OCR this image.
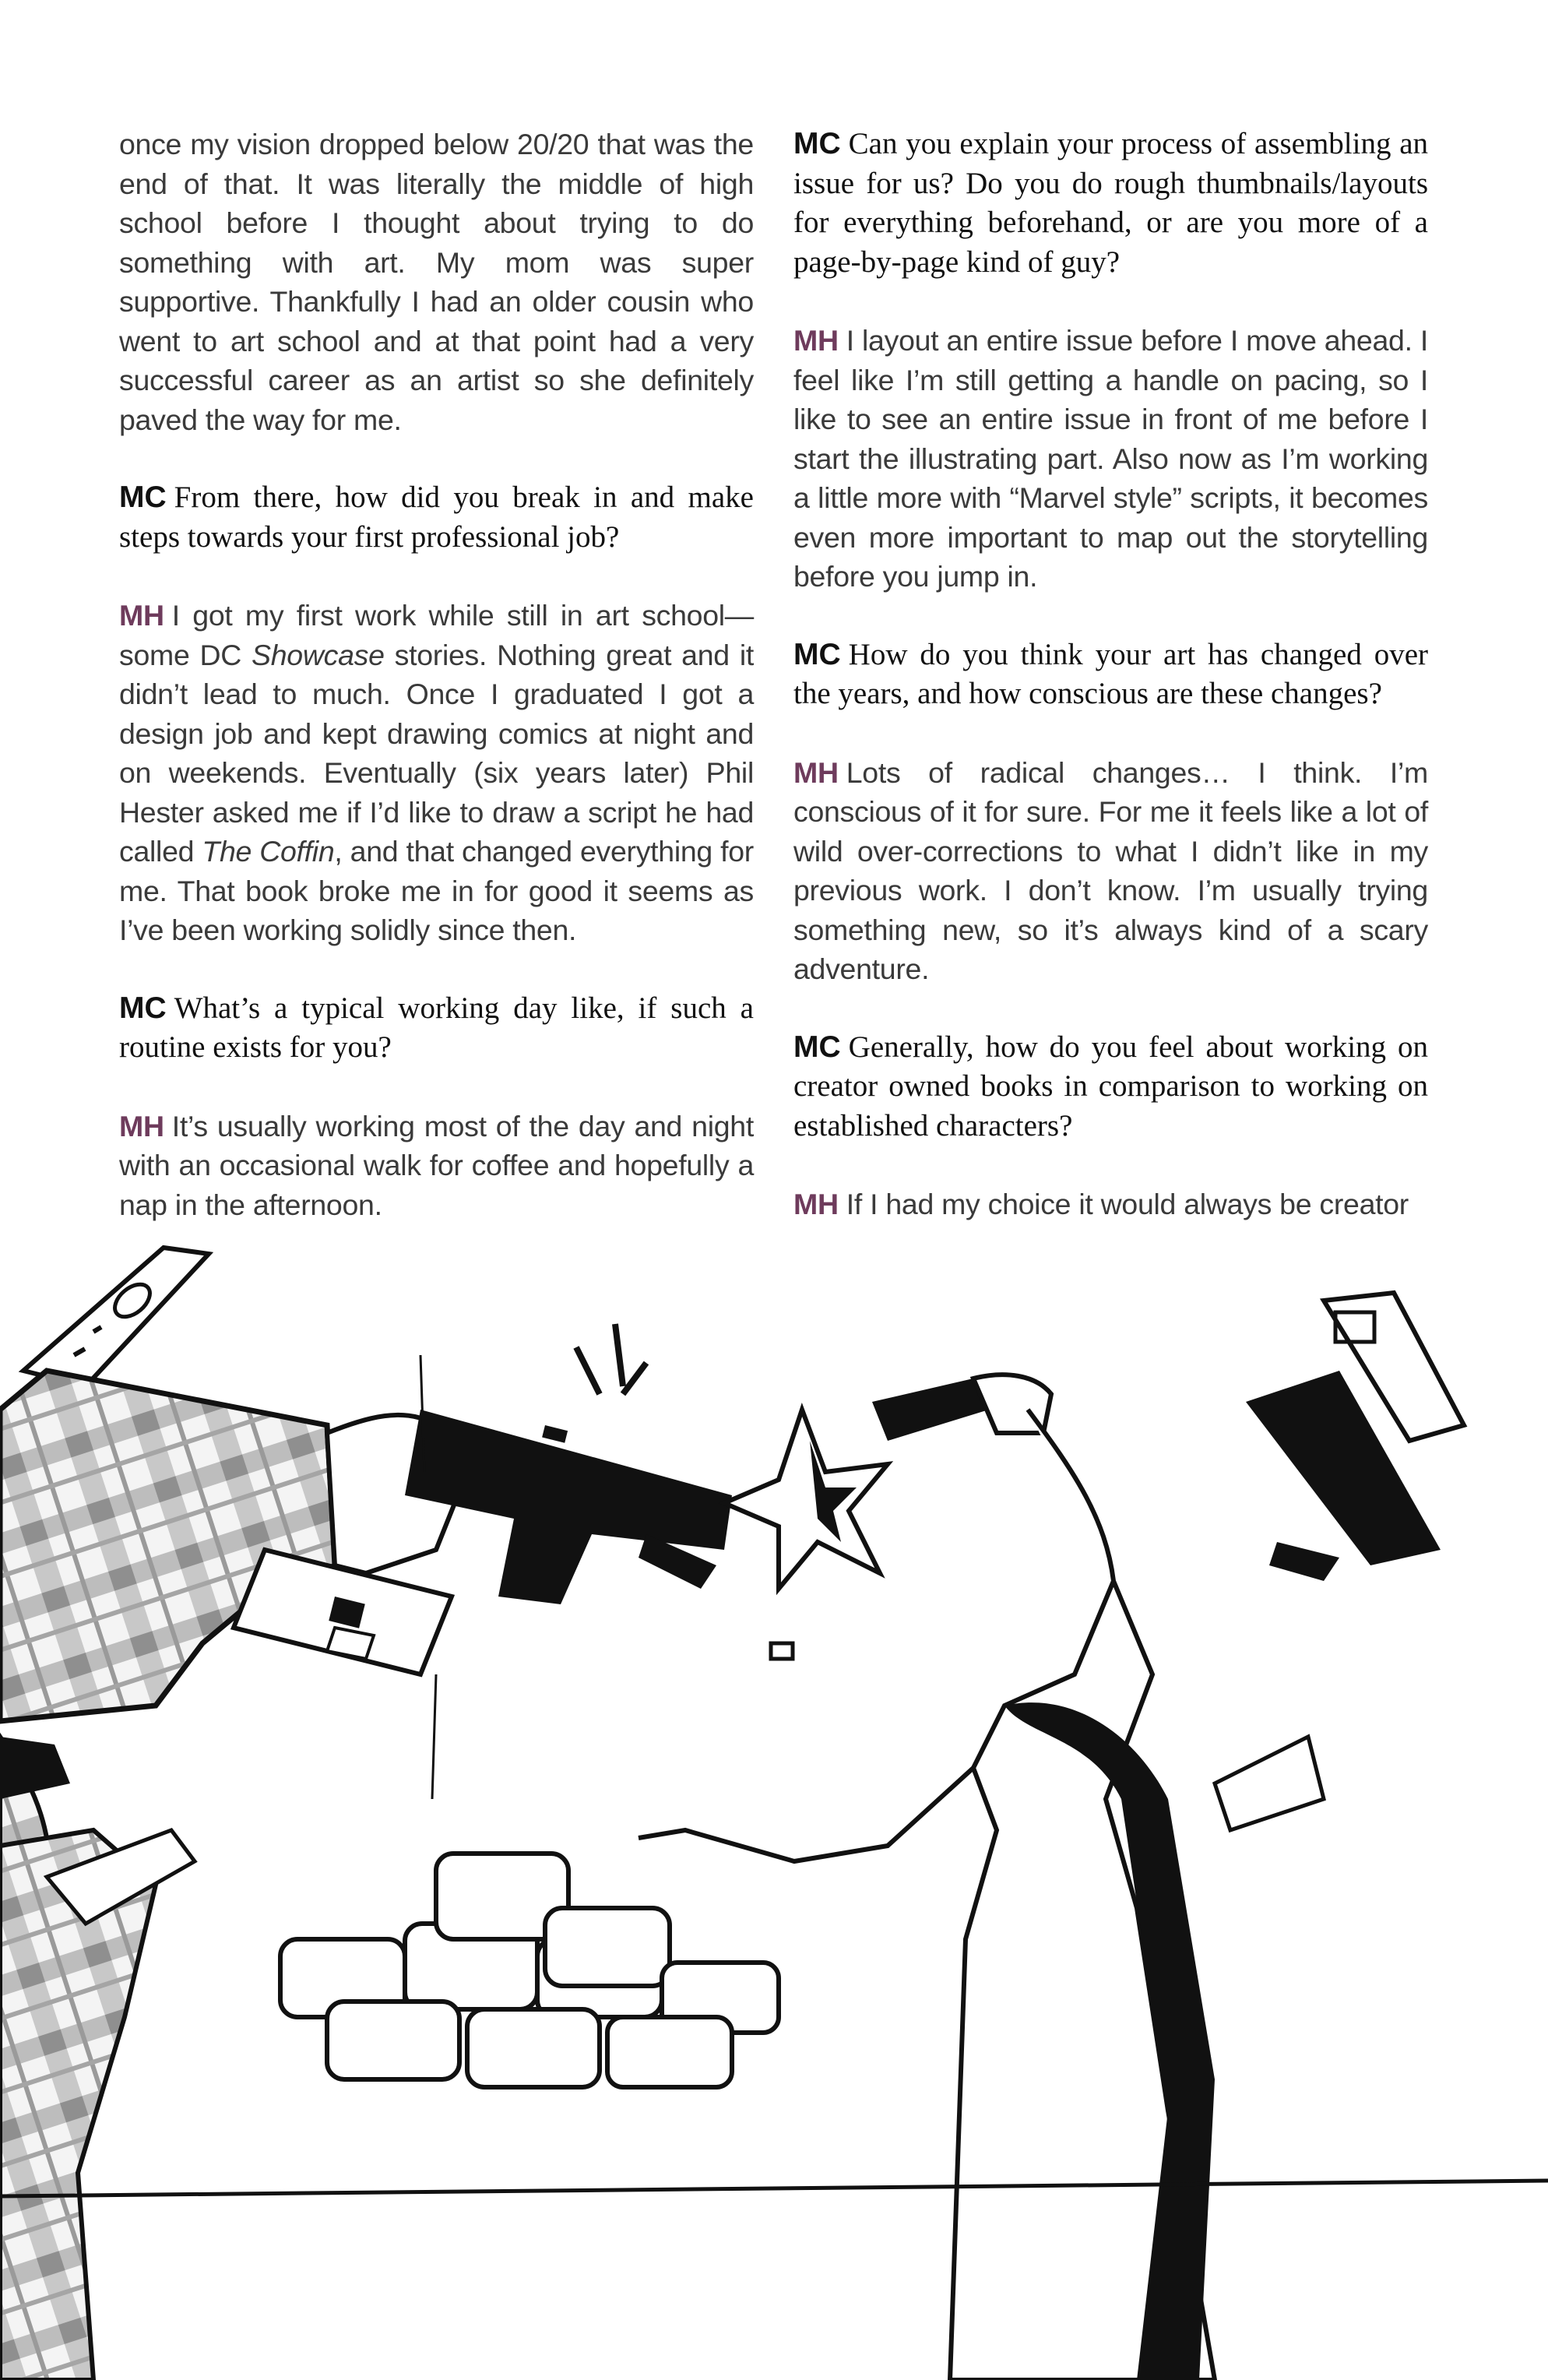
once my vision dropped below 20/20 that was the end of that. It was literally the middle of high school before I thought about trying to do something with art. My mom was super supportive. Thankfully I had an older cousin who went to art school and at that point had a very successful career as an artist so she definitely paved the way for me.

MC From there, how did you break in and make steps towards your first professional job?

MH I got my first work while still in art school—some DC Showcase stories. Nothing great and it didn’t lead to much. Once I graduated I got a design job and kept drawing comics at night and on weekends. Eventually (six years later) Phil Hester asked me if I’d like to draw a script he had called The Coffin, and that changed everything for me. That book broke me in for good it seems as I’ve been working solidly since then.

MC What’s a typical working day like, if such a routine exists for you?

MH It’s usually working most of the day and night with an occasional walk for coffee and hopefully a nap in the afternoon.

MC Can you explain your process of assembling an issue for us? Do you do rough thumbnails/layouts for everything beforehand, or are you more of a page-by-page kind of guy?

MH I layout an entire issue before I move ahead. I feel like I’m still getting a handle on pacing, so I like to see an entire issue in front of me before I start the illustrating part. Also now as I’m working a little more with “Marvel style” scripts, it becomes even more important to map out the storytelling before you jump in.

MC How do you think your art has changed over the years, and how conscious are these changes?

MH Lots of radical changes… I think. I’m conscious of it for sure. For me it feels like a lot of wild over-corrections to what I didn’t like in my previous work. I don’t know. I’m usually trying something new, so it’s always kind of a scary adventure.

MC Generally, how do you feel about working on creator owned books in comparison to working on established characters?

MH If I had my choice it would always be creator
